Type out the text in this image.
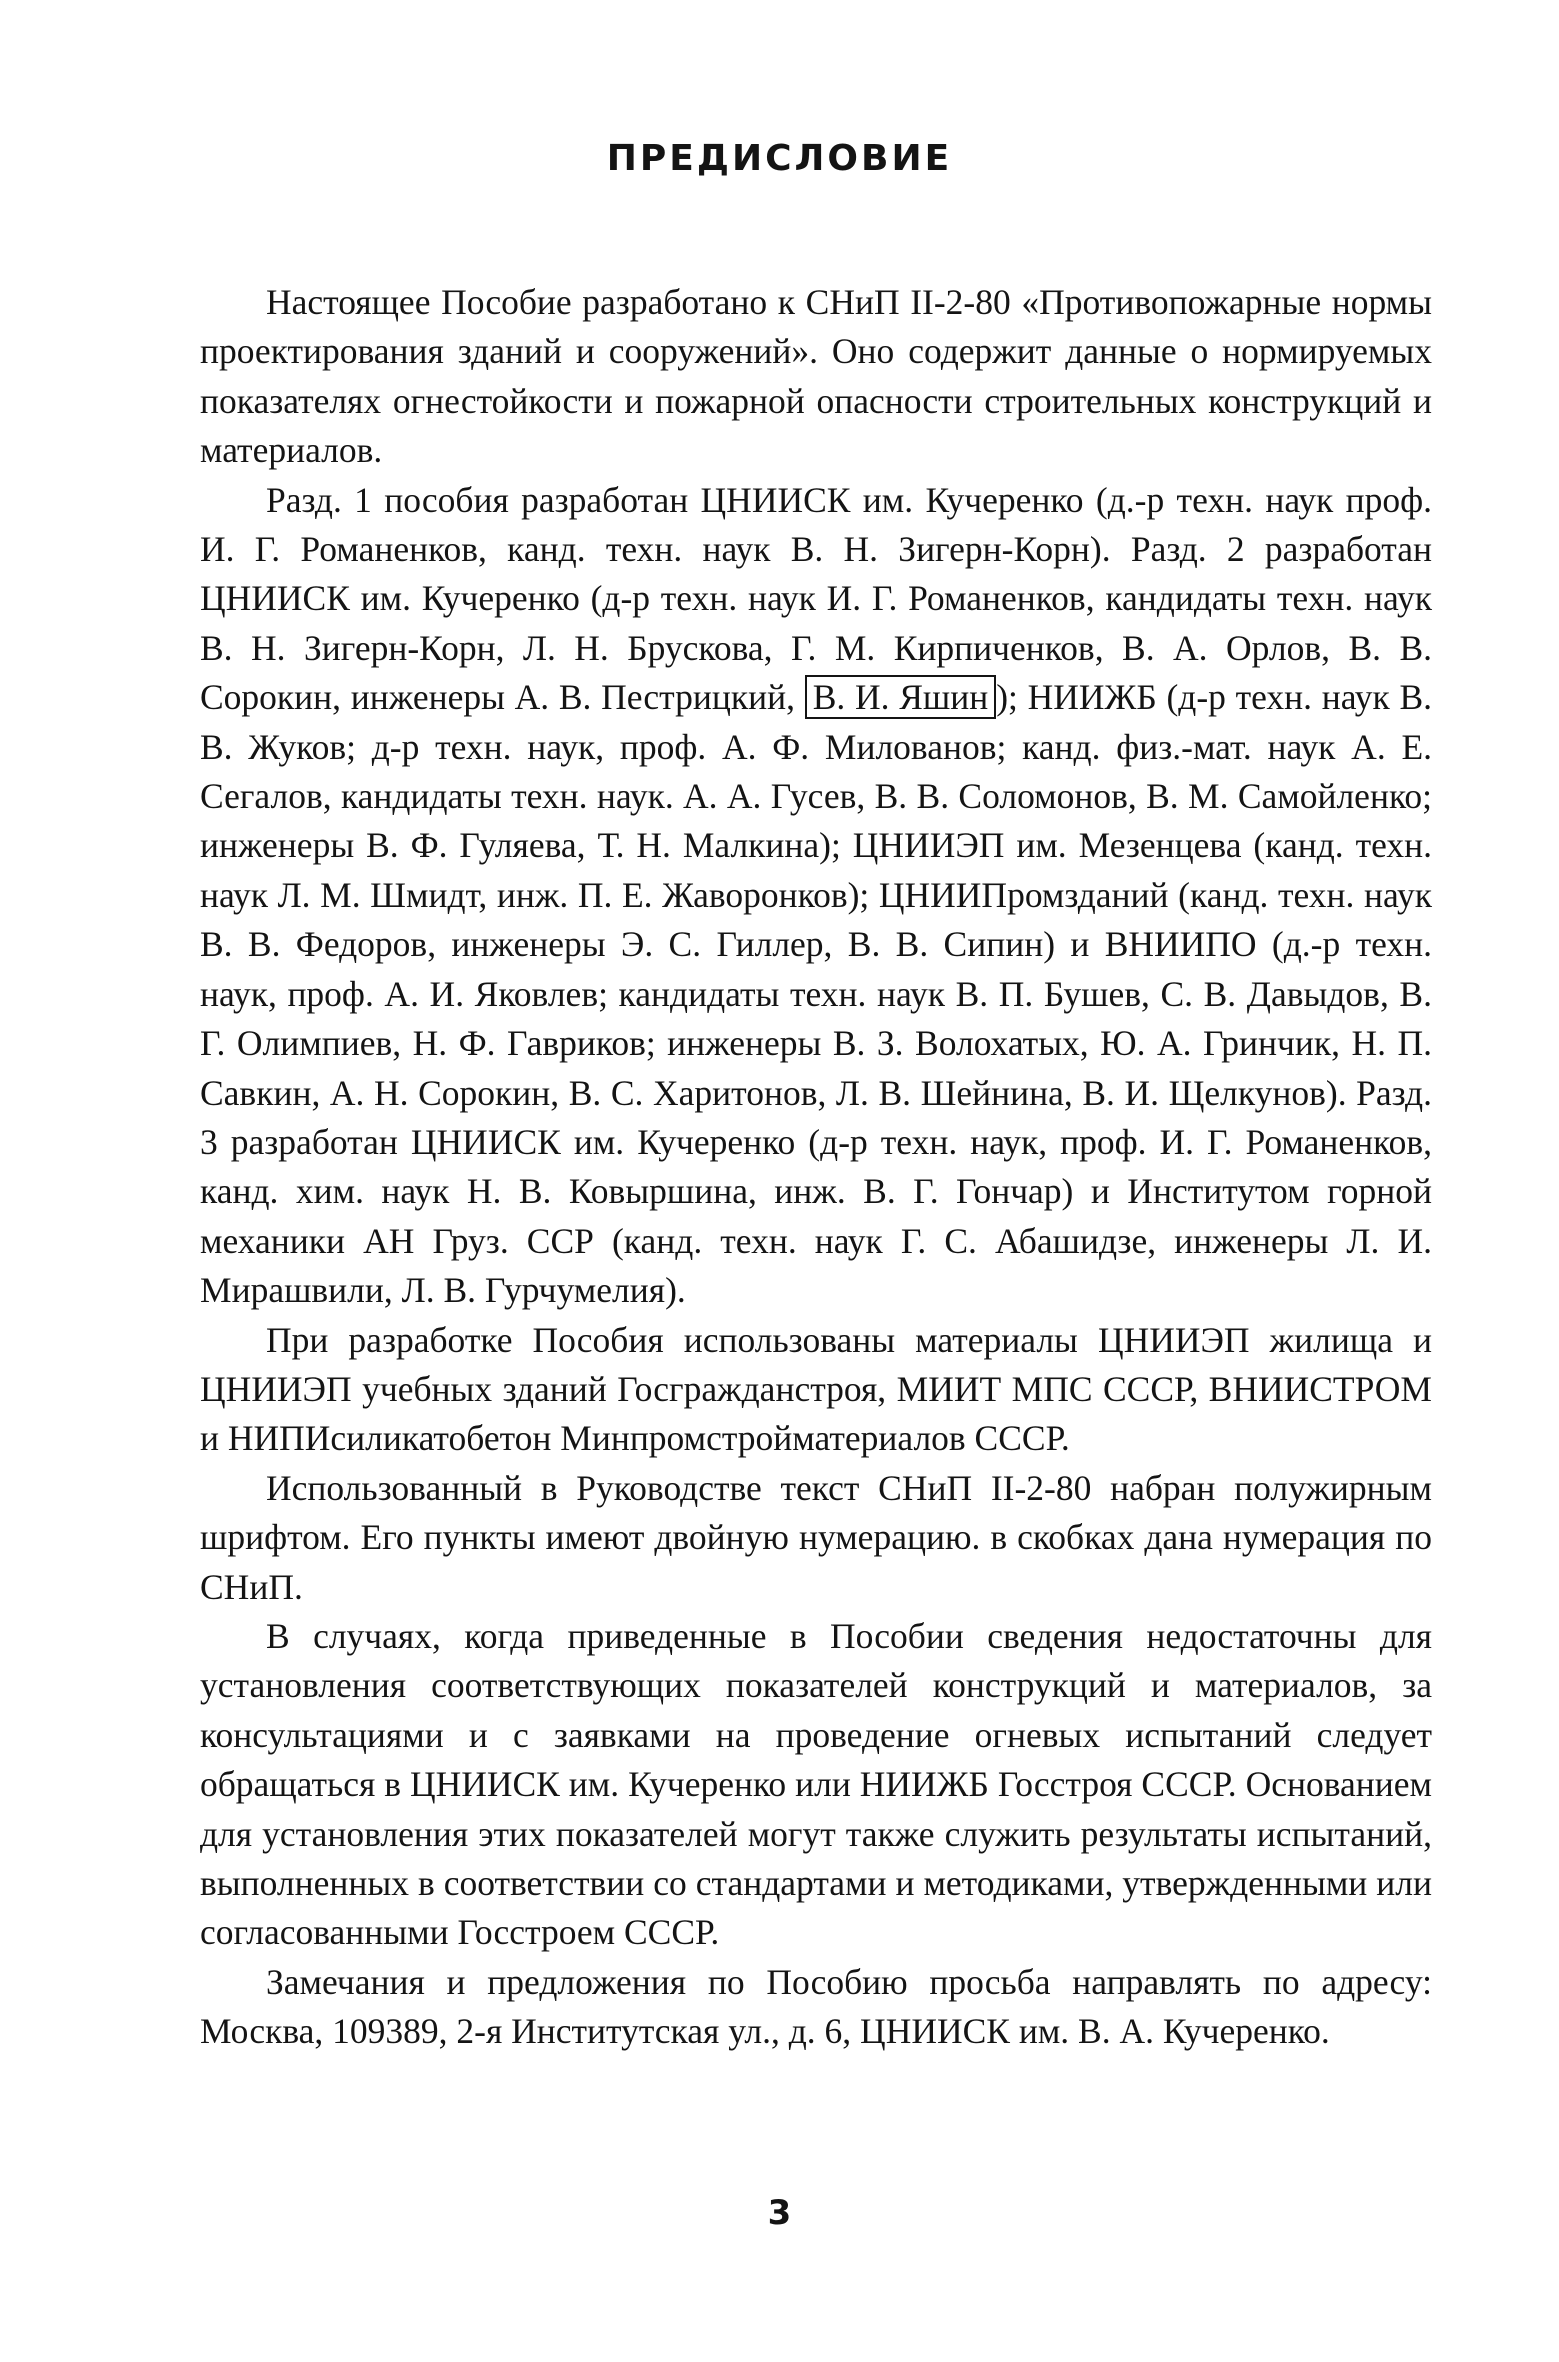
ПРЕДИСЛОВИЕ

Настоящее Пособие разработано к СНиП II-2-80 «Противопожарные нормы проектирования зданий и сооружений». Оно содержит данные о нормируемых показателях огнестойкости и пожарной опасности строительных конструкций и материалов.

Разд. 1 пособия разработан ЦНИИСК им. Кучеренко (д.-р техн. наук проф. И. Г. Романенков, канд. техн. наук В. Н. Зигерн-Корн). Разд. 2 разработан ЦНИИСК им. Кучеренко (д-р техн. наук И. Г. Романенков, кандидаты техн. наук В. Н. Зигерн-Корн, Л. Н. Брускова, Г. М. Кирпиченков, В. А. Орлов, В. В. Сорокин, инженеры А. В. Пестрицкий, В. И. Яшин ); НИИЖБ (д-р техн. наук В. В. Жуков; д-р техн. наук, проф. А. Ф. Милованов; канд. физ.-мат. наук А. Е. Сегалов, кандидаты техн. наук. А. А. Гусев, В. В. Соломонов, В. М. Самойленко; инженеры В. Ф. Гуляева, Т. Н. Малкина); ЦНИИЭП им. Мезенцева (канд. техн. наук Л. М. Шмидт, инж. П. Е. Жаворонков); ЦНИИПромзданий (канд. техн. наук В. В. Федоров, инженеры Э. С. Гиллер, В. В. Сипин) и ВНИИПО (д.-р техн. наук, проф. А. И. Яковлев; кандидаты техн. наук В. П. Бушев, С. В. Давыдов, В. Г. Олимпиев, Н. Ф. Гавриков; инженеры В. З. Волохатых, Ю. А. Гринчик, Н. П. Савкин, А. Н. Сорокин, В. С. Харитонов, Л. В. Шейнина, В. И. Щелкунов). Разд. 3 разработан ЦНИИСК им. Кучеренко (д-р техн. наук, проф. И. Г. Романенков, канд. хим. наук Н. В. Ковыршина, инж. В. Г. Гончар) и Институтом горной механики АН Груз. ССР (канд. техн. наук Г. С. Абашидзе, инженеры Л. И. Мирашвили, Л. В. Гурчумелия).

При разработке Пособия использованы материалы ЦНИИЭП жилища и ЦНИИЭП учебных зданий Госгражданстроя, МИИТ МПС СССР, ВНИИСТРОМ и НИПИсиликатобетон Минпромстройматериалов СССР.

Использованный в Руководстве текст СНиП II-2-80 набран полужирным шрифтом. Его пункты имеют двойную нумерацию. в скобках дана нумерация по СНиП.

В случаях, когда приведенные в Пособии сведения недостаточны для установления соответствующих показателей конструкций и материалов, за консультациями и с заявками на проведение огневых испытаний следует обращаться в ЦНИИСК им. Кучеренко или НИИЖБ Госстроя СССР. Основанием для установления этих показателей могут также служить результаты испытаний, выполненных в соответствии со стандартами и методиками, утвержденными или согласованными Госстроем СССР.

Замечания и предложения по Пособию просьба направлять по адресу: Москва, 109389, 2-я Институтская ул., д. 6, ЦНИИСК им. В. А. Кучеренко.

3
